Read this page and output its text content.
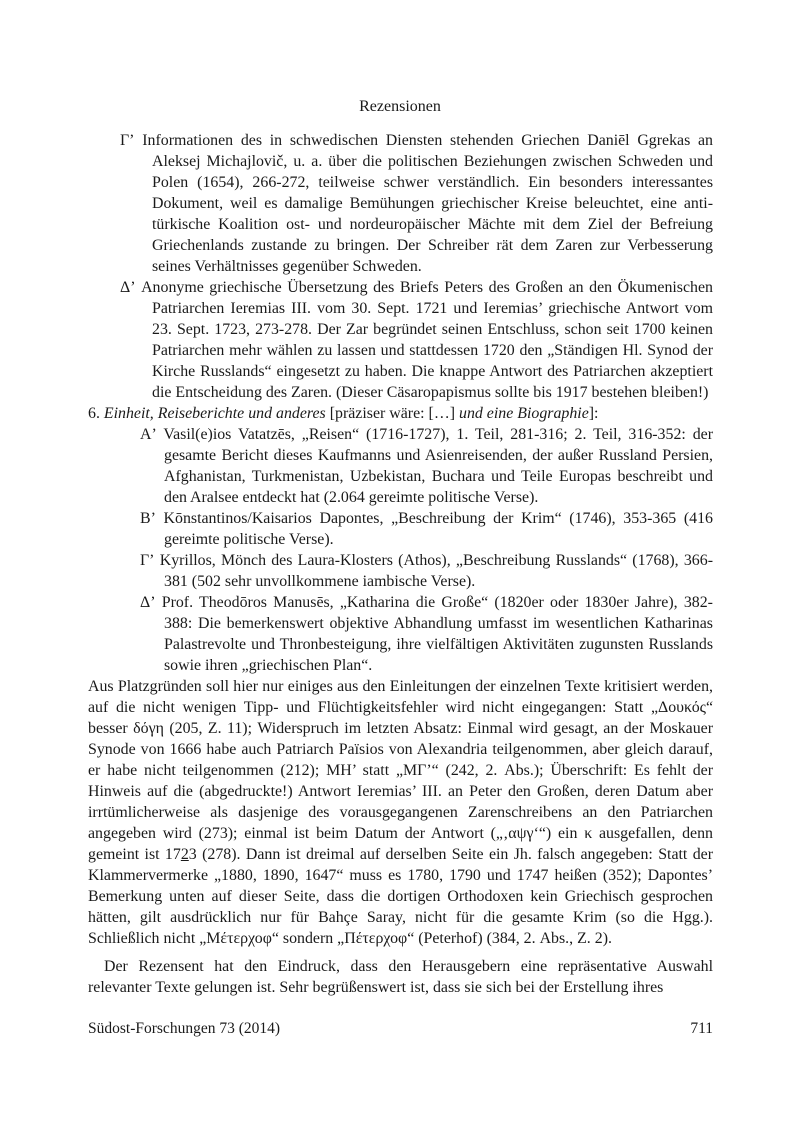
Rezensionen
Γʼ Informationen des in schwedischen Diensten stehenden Griechen Daniēl Ggrekas an Aleksej Michajlovič, u. a. über die politischen Beziehungen zwischen Schweden und Polen (1654), 266-272, teilweise schwer verständlich. Ein besonders interessantes Dokument, weil es damalige Bemühungen griechischer Kreise beleuchtet, eine anti-türkische Koalition ost- und nordeuropäischer Mächte mit dem Ziel der Befreiung Griechenlands zustande zu bringen. Der Schreiber rät dem Zaren zur Verbesserung seines Verhältnisses gegenüber Schweden.
Δʼ Anonyme griechische Übersetzung des Briefs Peters des Großen an den Ökumenischen Patriarchen Ieremias III. vom 30. Sept. 1721 und Ieremias’ griechische Antwort vom 23. Sept. 1723, 273-278. Der Zar begründet seinen Entschluss, schon seit 1700 keinen Patriarchen mehr wählen zu lassen und stattdessen 1720 den „Ständigen Hl. Synod der Kirche Russlands“ eingesetzt zu haben. Die knappe Antwort des Patriarchen akzeptiert die Entscheidung des Zaren. (Dieser Cäsaropapismus sollte bis 1917 bestehen bleiben!)
6. Einheit, Reiseberichte und anderes [präziser wäre: […] und eine Biographie]:
Aʼ Vasil(e)ios Vatatzēs, „Reisen“ (1716-1727), 1. Teil, 281-316; 2. Teil, 316-352: der gesamte Bericht dieses Kaufmanns und Asienreisenden, der außer Russland Persien, Afghanistan, Turkmenistan, Uzbekistan, Buchara und Teile Europas beschreibt und den Aralsee entdeckt hat (2.064 gereimte politische Verse).
Bʼ Kōnstantinos/Kaisarios Dapontes, „Beschreibung der Krim“ (1746), 353-365 (416 gereimte politische Verse).
Γʼ Kyrillos, Mönch des Laura-Klosters (Athos), „Beschreibung Russlands“ (1768), 366-381 (502 sehr unvollkommene iambische Verse).
Δʼ Prof. Theodōros Manusēs, „Katharina die Große“ (1820er oder 1830er Jahre), 382-388: Die bemerkenswert objektive Abhandlung umfasst im wesentlichen Katharinas Palastrevolte und Thronbesteigung, ihre vielfältigen Aktivitäten zugunsten Russlands sowie ihren „griechischen Plan“.
Aus Platzgründen soll hier nur einiges aus den Einleitungen der einzelnen Texte kritisiert werden, auf die nicht wenigen Tipp- und Flüchtigkeitsfehler wird nicht eingegangen: Statt „Δουκός“ besser δόγη (205, Z. 11); Widerspruch im letzten Absatz: Einmal wird gesagt, an der Moskauer Synode von 1666 habe auch Patriarch Païsios von Alexandria teilgenommen, aber gleich darauf, er habe nicht teilgenommen (212); MH’ statt „MΓ’“ (242, 2. Abs.); Überschrift: Es fehlt der Hinweis auf die (abgedruckte!) Antwort Ieremias’ III. an Peter den Großen, deren Datum aber irrtümlicherweise als dasjenige des vorausgegangenen Zarenschreibens an den Patriarchen angegeben wird (273); einmal ist beim Datum der Antwort („‚αψγ‘“) ein κ ausgefallen, denn gemeint ist 1723 (278). Dann ist dreimal auf derselben Seite ein Jh. falsch angegeben: Statt der Klammervermerke „1880, 1890, 1647“ muss es 1780, 1790 und 1747 heißen (352); Dapontes’ Bemerkung unten auf dieser Seite, dass die dortigen Orthodoxen kein Griechisch gesprochen hätten, gilt ausdrücklich nur für Bahçe Saray, nicht für die gesamte Krim (so die Hgg.). Schließlich nicht „Μέτερχοφ“ sondern „Πέτερχοφ“ (Peterhof) (384, 2. Abs., Z. 2).
Der Rezensent hat den Eindruck, dass den Herausgebern eine repräsentative Auswahl relevanter Texte gelungen ist. Sehr begrüßenswert ist, dass sie sich bei der Erstellung ihres
Südost-Forschungen 73 (2014)	711
